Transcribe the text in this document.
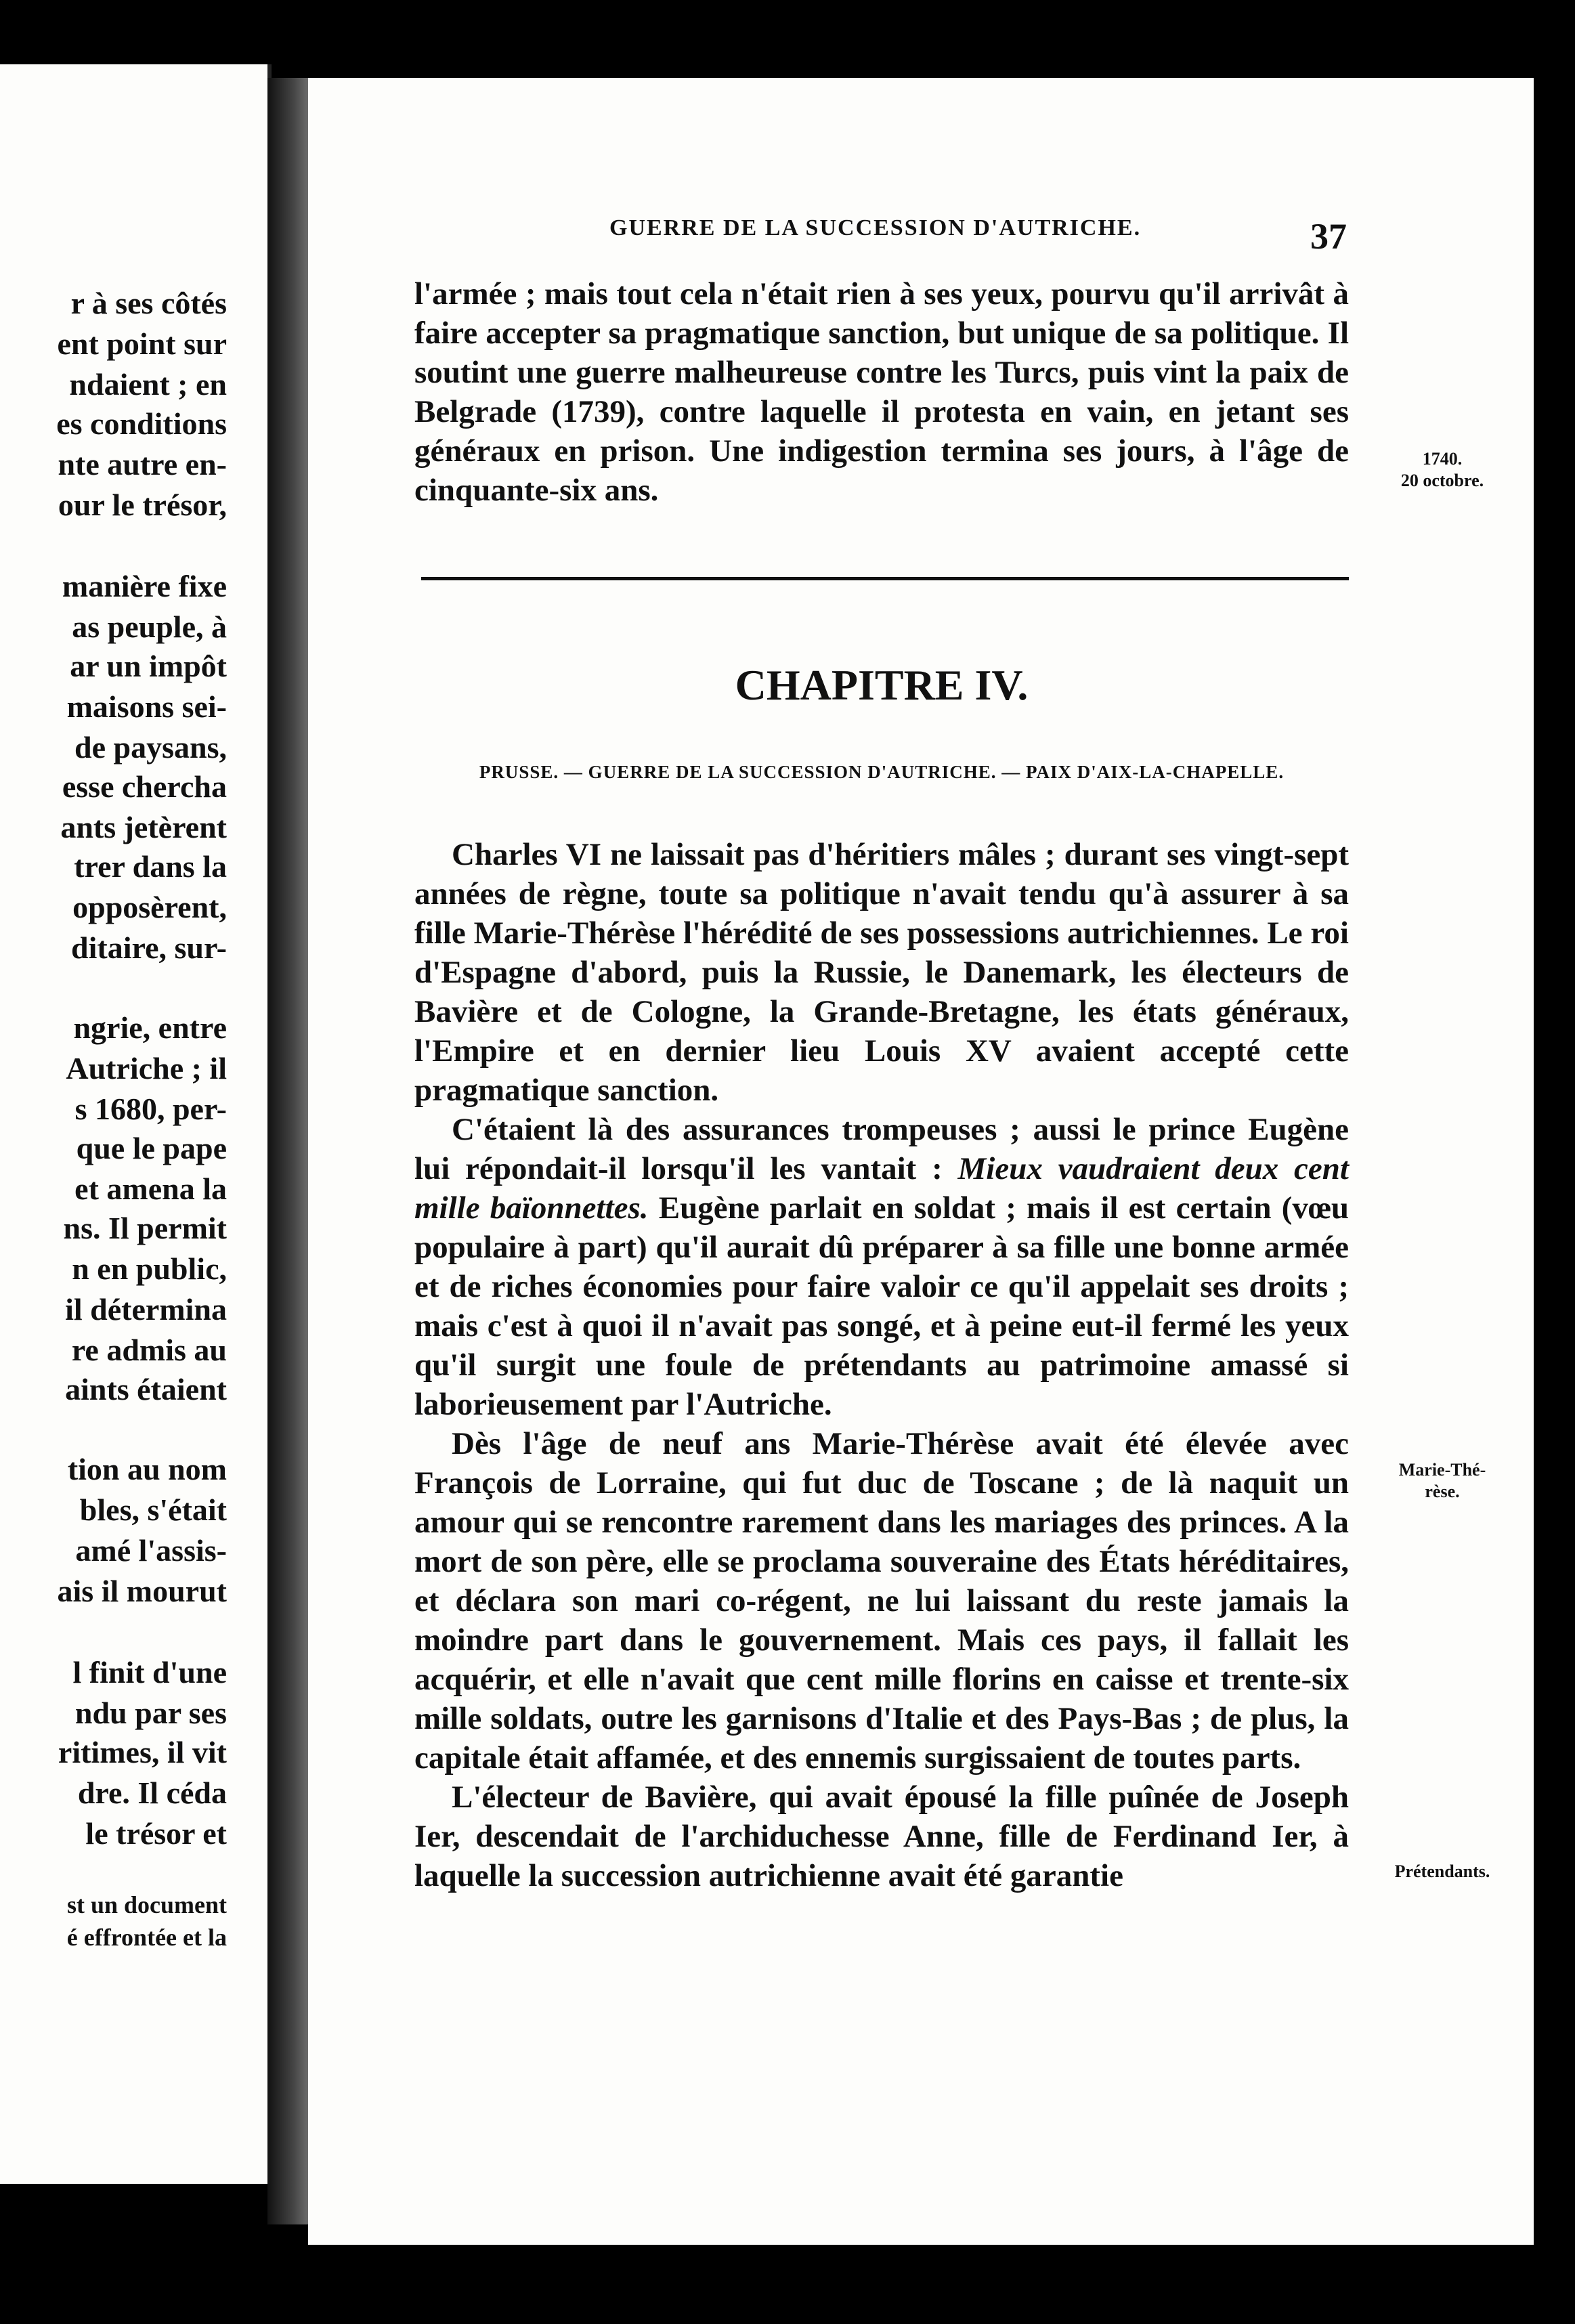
r à ses côtés
ent point sur
ndaient ; en
es conditions
nte autre en-
our le trésor,
manière fixe
as peuple, à
ar un impôt
maisons sei-
de paysans,
esse chercha
ants jetèrent
trer dans la
opposèrent,
ditaire, sur-
ngrie, entre
Autriche ; il
s 1680, per-
que le pape
et amena la
ns. Il permit
n en public,
il détermina
re admis au
aints étaient
tion au nom
bles, s'était
amé l'assis-
ais il mourut
l finit d'une
ndu par ses
ritimes, il vit
dre. Il céda
le trésor et
st un document
é effrontée et la
GUERRE DE LA SUCCESSION D'AUTRICHE.	37

l'armée ; mais tout cela n'était rien à ses yeux, pourvu qu'il arrivât à faire accepter sa pragmatique sanction, but unique de sa politique. Il soutint une guerre malheureuse contre les Turcs, puis vint la paix de Belgrade (1739), contre laquelle il protesta en vain, en jetant ses généraux en prison. Une indigestion termina ses jours, à l'âge de cinquante-six ans.

CHAPITRE IV.
PRUSSE. — GUERRE DE LA SUCCESSION D'AUTRICHE. — PAIX D'AIX-LA-CHAPELLE.

Charles VI ne laissait pas d'héritiers mâles ; durant ses vingt-sept années de règne, toute sa politique n'avait tendu qu'à assurer à sa fille Marie-Thérèse l'hérédité de ses possessions autrichiennes. Le roi d'Espagne d'abord, puis la Russie, le Danemark, les électeurs de Bavière et de Cologne, la Grande-Bretagne, les états généraux, l'Empire et en dernier lieu Louis XV avaient accepté cette pragmatique sanction.

C'étaient là des assurances trompeuses ; aussi le prince Eugène lui répondait-il lorsqu'il les vantait : Mieux vaudraient deux cent mille baïonnettes. Eugène parlait en soldat ; mais il est certain (vœu populaire à part) qu'il aurait dû préparer à sa fille une bonne armée et de riches économies pour faire valoir ce qu'il appelait ses droits ; mais c'est à quoi il n'avait pas songé, et à peine eut-il fermé les yeux qu'il surgit une foule de prétendants au patrimoine amassé si laborieusement par l'Autriche.

Dès l'âge de neuf ans Marie-Thérèse avait été élevée avec François de Lorraine, qui fut duc de Toscane ; de là naquit un amour qui se rencontre rarement dans les mariages des princes. A la mort de son père, elle se proclama souveraine des États héréditaires, et déclara son mari co-régent, ne lui laissant du reste jamais la moindre part dans le gouvernement. Mais ces pays, il fallait les acquérir, et elle n'avait que cent mille florins en caisse et trente-six mille soldats, outre les garnisons d'Italie et des Pays-Bas ; de plus, la capitale était affamée, et des ennemis surgissaient de toutes parts.

L'électeur de Bavière, qui avait épousé la fille puînée de Joseph Ier, descendait de l'archiduchesse Anne, fille de Ferdinand Ier, à laquelle la succession autrichienne avait été garantie

1740.
20 octobre.
Marie-Thé-
rèse.
Prétendants.
